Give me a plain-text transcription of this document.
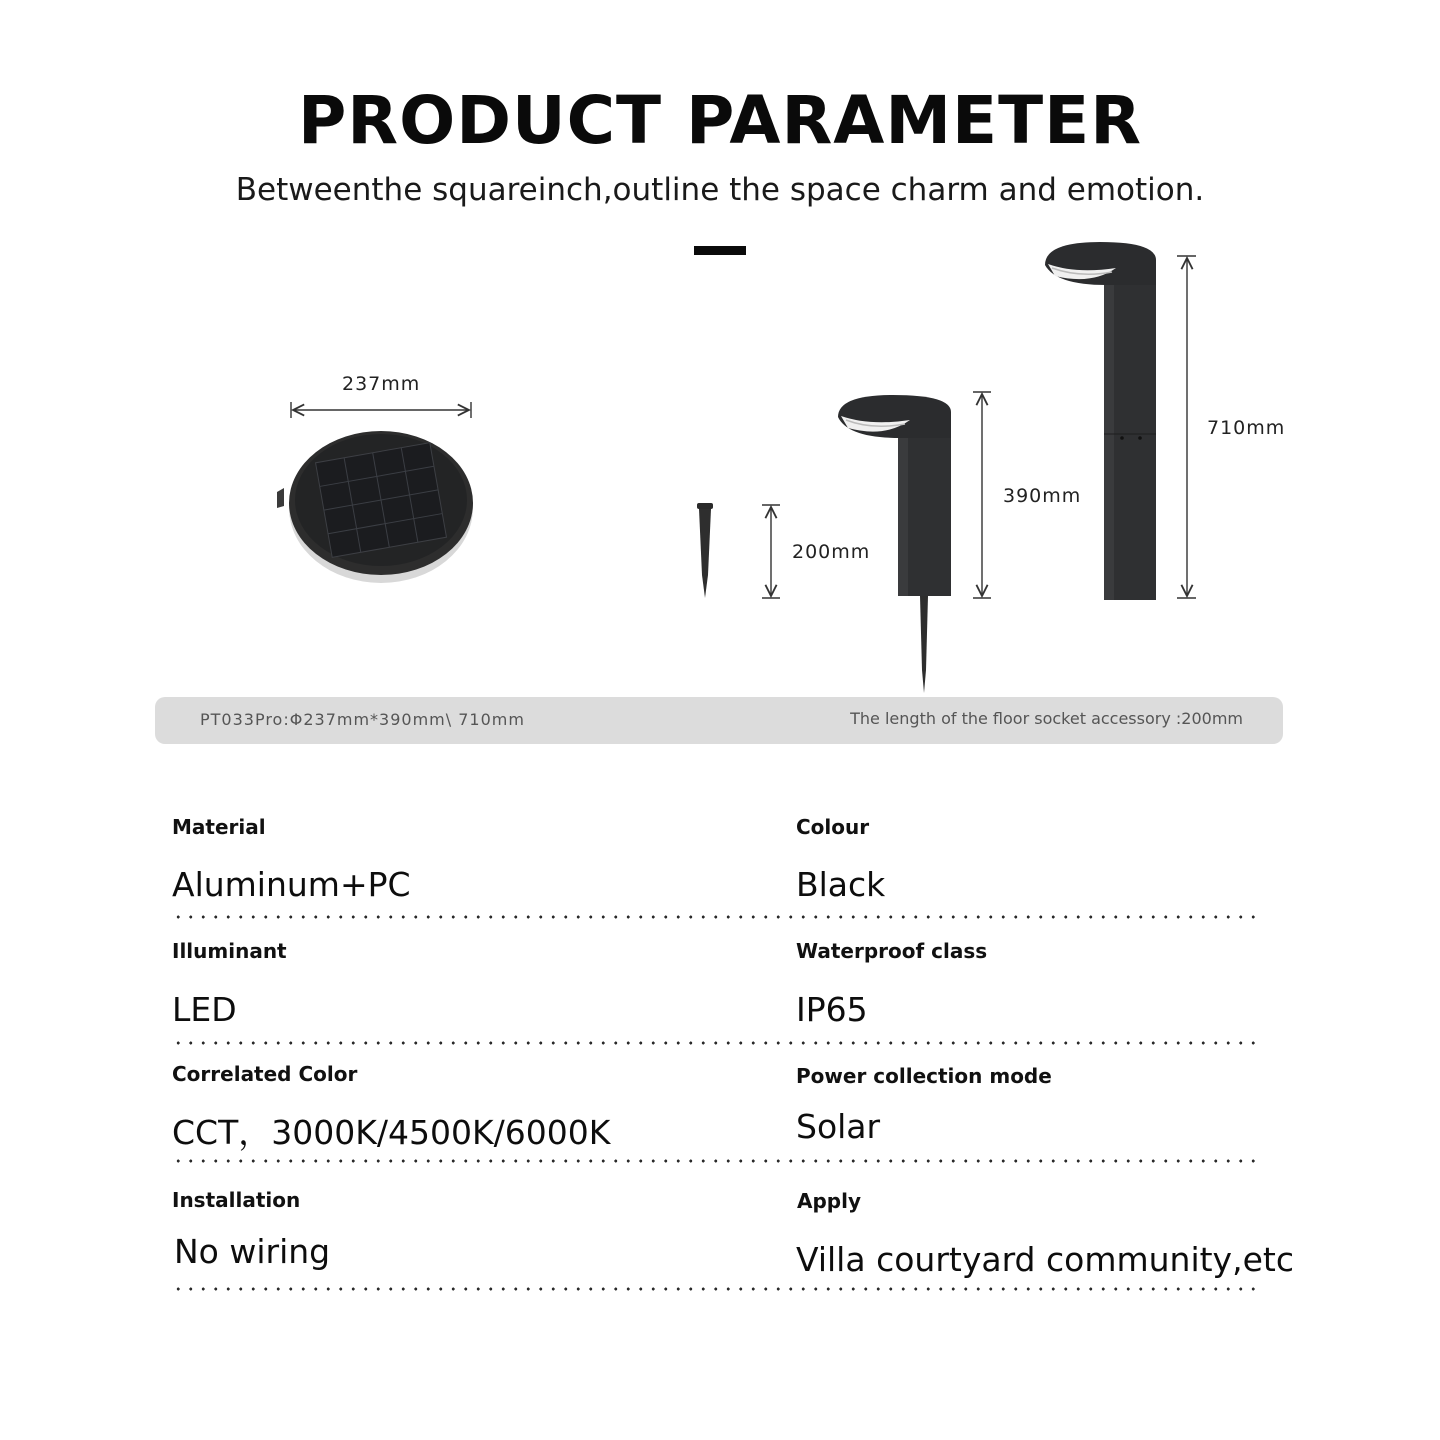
PRODUCT PARAMETER

Betweenthe squareinch,outline the space charm and emotion.

237mm
200mm
390mm
710mm
PT033Pro:Φ237mm*390mm\ 710mm	The length of the floor socket accessory :200mm
Material
Aluminum+PC
Colour
Black
Illuminant
LED
Waterproof class
IP65
Correlated Color
CCT，3000K/4500K/6000K
Power collection mode
Solar
Installation
No wiring
Apply
Villa courtyard community,etc
